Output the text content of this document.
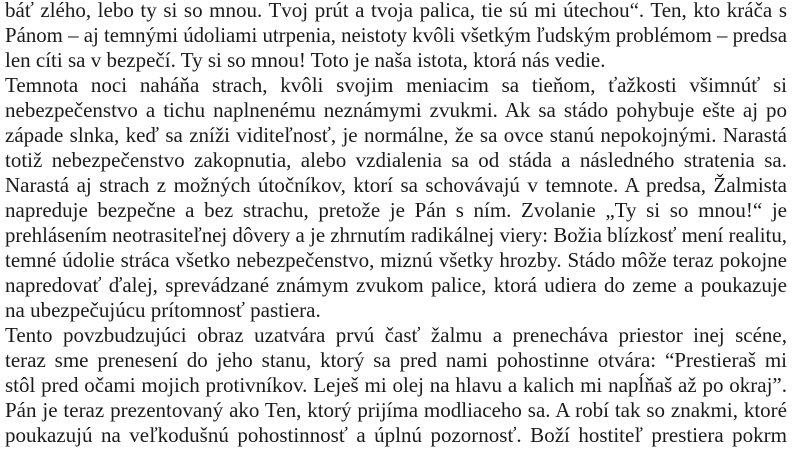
báť zlého, lebo ty si so mnou. Tvoj prút a tvoja palica, tie sú mi útechou“. Ten, kto kráča s
Pánom – aj temnými údoliami utrpenia, neistoty kvôli všetkým ľudským problémom – predsa
len cíti sa v bezpečí. Ty si so mnou! Toto je naša istota, ktorá nás vedie.
Temnota noci naháňa strach, kvôli svojim meniacim sa tieňom, ťažkosti všimnúť si
nebezpečenstvo a tichu naplnenému neznámymi zvukmi. Ak sa stádo pohybuje ešte aj po
západe slnka, keď sa zníži viditeľnosť, je normálne, že sa ovce stanú nepokojnými. Narastá
totiž nebezpečenstvo zakopnutia, alebo vzdialenia sa od stáda a následného stratenia sa.
Narastá aj strach z možných útočníkov, ktorí sa schovávajú v temnote. A predsa, Žalmista
napreduje bezpečne a bez strachu, pretože je Pán s ním. Zvolanie „Ty si so mnou!“ je
prehlásením neotrasiteľnej dôvery a je zhrnutím radikálnej viery: Božia blízkosť mení realitu,
temné údolie stráca všetko nebezpečenstvo, miznú všetky hrozby. Stádo môže teraz pokojne
napredovať ďalej, sprevádzané známym zvukom palice, ktorá udiera do zeme a poukazuje
na ubezpečujúcu prítomnosť pastiera.
Tento povzbudzujúci obraz uzatvára prvú časť žalmu a prenecháva priestor inej scéne,
teraz sme prenesení do jeho stanu, ktorý sa pred nami pohostinne otvára: “Prestieraš mi
stôl pred očami mojich protivníkov. Leješ mi olej na hlavu a kalich mi napĺňaš až po okraj”.
Pán je teraz prezentovaný ako Ten, ktorý prijíma modliaceho sa. A robí tak so znakmi, ktoré
poukazujú na veľkodušnú pohostinnosť a úplnú pozornosť. Boží hostiteľ prestiera pokrm
